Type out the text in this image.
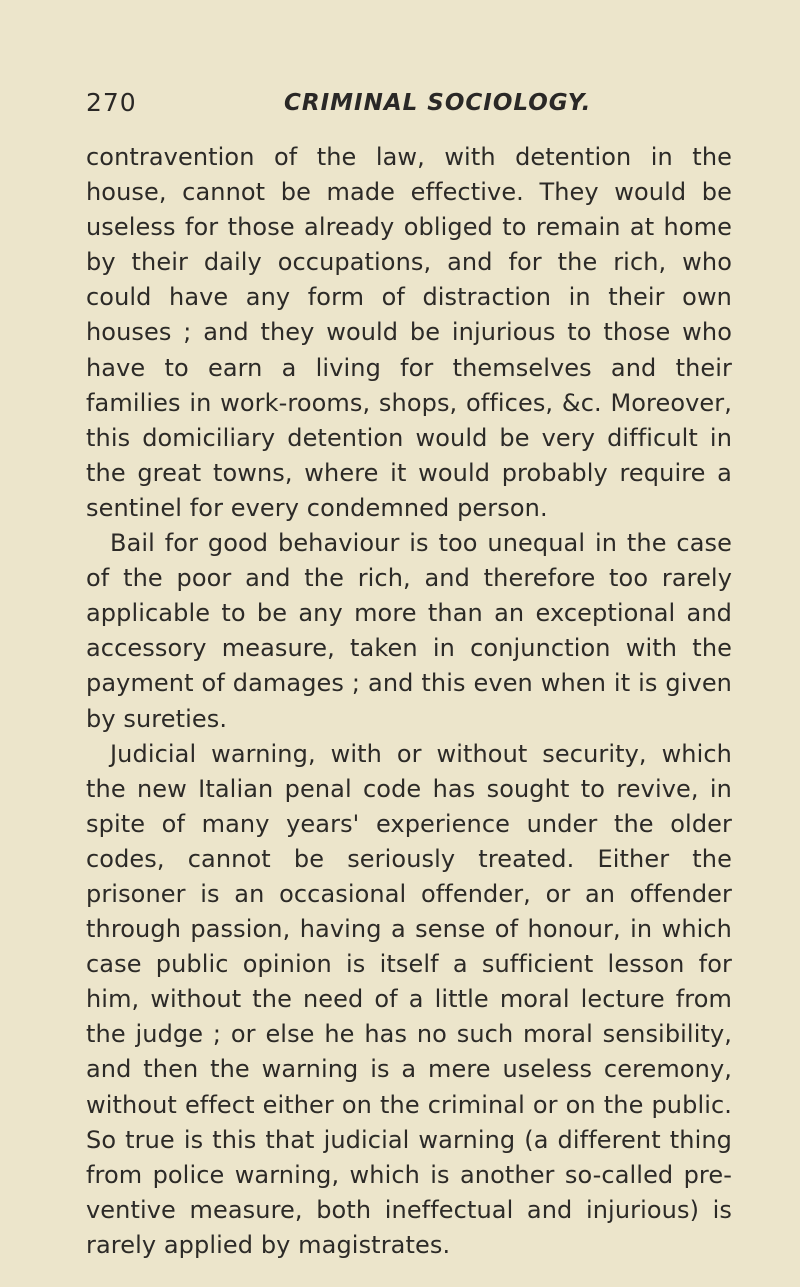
270	CRIMINAL SOCIOLOGY.

contravention of the law, with detention in the house, cannot be made effective. They would be useless for those already obliged to remain at home by their daily occupations, and for the rich, who could have any form of distraction in their own houses ; and they would be injurious to those who have to earn a living for themselves and their families in work-rooms, shops, offices, &c. Moreover, this domiciliary detention would be very difficult in the great towns, where it would probably require a sentinel for every condemned person.

Bail for good behaviour is too unequal in the case of the poor and the rich, and therefore too rarely applicable to be any more than an exceptional and accessory measure, taken in conjunction with the payment of damages ; and this even when it is given by sureties.

Judicial warning, with or without security, which the new Italian penal code has sought to revive, in spite of many years' experience under the older codes, cannot be seriously treated. Either the prisoner is an occasional offender, or an offender through passion, having a sense of honour, in which case public opinion is itself a sufficient lesson for him, without the need of a little moral lecture from the judge ; or else he has no such moral sensibility, and then the warning is a mere useless ceremony, without effect either on the criminal or on the public. So true is this that judicial warning (a different thing from police warning, which is another so-called pre-ventive measure, both ineffectual and injurious) is rarely applied by magistrates.
